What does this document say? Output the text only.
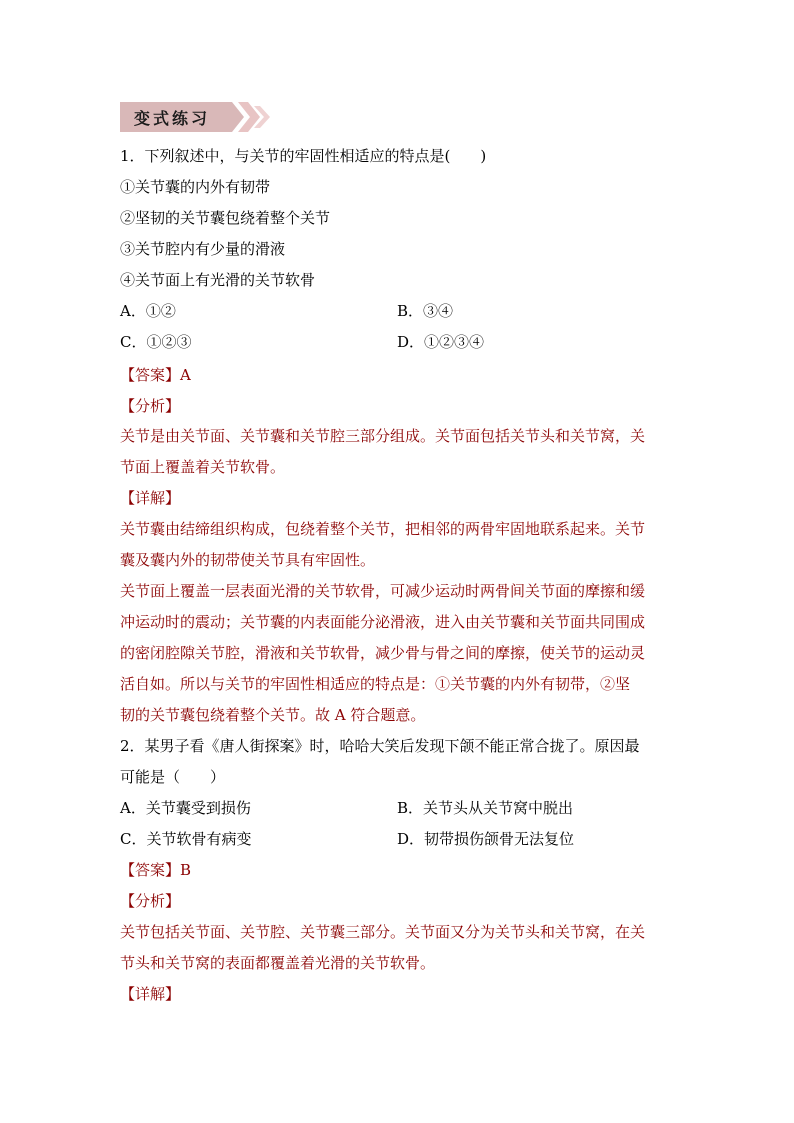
变式练习
1．下列叙述中，与关节的牢固性相适应的特点是(　　)
①关节囊的内外有韧带
②坚韧的关节囊包绕着整个关节
③关节腔内有少量的滑液
④关节面上有光滑的关节软骨
A．①②	B．③④
C．①②③	D．①②③④
【答案】A
【分析】
关节是由关节面、关节囊和关节腔三部分组成。关节面包括关节头和关节窝，关
节面上覆盖着关节软骨。
【详解】
关节囊由结缔组织构成，包绕着整个关节，把相邻的两骨牢固地联系起来。关节
囊及囊内外的韧带使关节具有牢固性。
关节面上覆盖一层表面光滑的关节软骨，可减少运动时两骨间关节面的摩擦和缓
冲运动时的震动；关节囊的内表面能分泌滑液，进入由关节囊和关节面共同围成
的密闭腔隙关节腔，滑液和关节软骨，减少骨与骨之间的摩擦，使关节的运动灵
活自如。所以与关节的牢固性相适应的特点是：①关节囊的内外有韧带，②坚
韧的关节囊包绕着整个关节。故 A 符合题意。
2．某男子看《唐人街探案》时，哈哈大笑后发现下颌不能正常合拢了。原因最
可能是（　　）
A．关节囊受到损伤	B．关节头从关节窝中脱出
C．关节软骨有病变	D．韧带损伤颌骨无法复位
【答案】B
【分析】
关节包括关节面、关节腔、关节囊三部分。关节面又分为关节头和关节窝，在关
节头和关节窝的表面都覆盖着光滑的关节软骨。
【详解】
